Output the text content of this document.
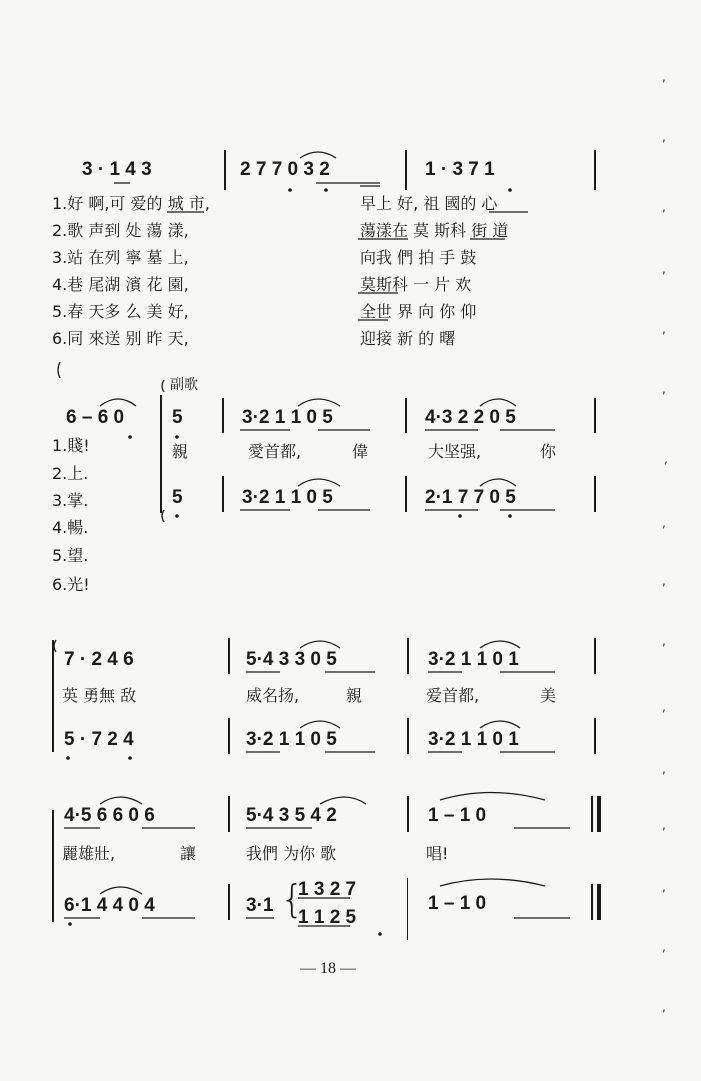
3 · 1 4 3	2 7 7 0 3 2	1 · 3 7 1
1.好 啊,可 爱的 城 市,	早上 好, 祖 國的 心
2.歌 声到 处 蕩 漾,	蕩漾在 莫 斯科 街 道
3.站 在列 寧 墓 上,	向我 們 拍 手 鼓
4.巷 尾湖 濱 花 園,	莫斯科 一 片 欢
5.春 天多 么 美 好,	全世 界 向 你 仰
6.同 來送 别 昨 天,	迎接 新 的 曙
副歌
6 – 6 0	5	3·2 1 1 0 5	4·3 2 2 0 5
親	愛首都,	偉	大坚强,	你
1.賤!
2.上.
3.掌.
4.暢.
5.望.
6.光!
5	3·2 1 1 0 5	2·1 7 7 0 5
7 · 2 4 6	5·4 3 3 0 5	3·2 1 1 0 1
英 勇無 敌	威名扬,	親	爱首都,	美
5 · 7 2 4	3·2 1 1 0 5	3·2 1 1 0 1
4·5 6 6 0 6	5·4 3 5 4 2	1 – 1 0
麗雄壯,	讓	我們 为你 歌	唱!
6·1 4 4 0 4	3·1 {
1 3 2 7
1 1 2 5
1 – 1 0
— 18 —
,
,
,
,
,
,
,
,
,
,
,
,
,
,
,
,
